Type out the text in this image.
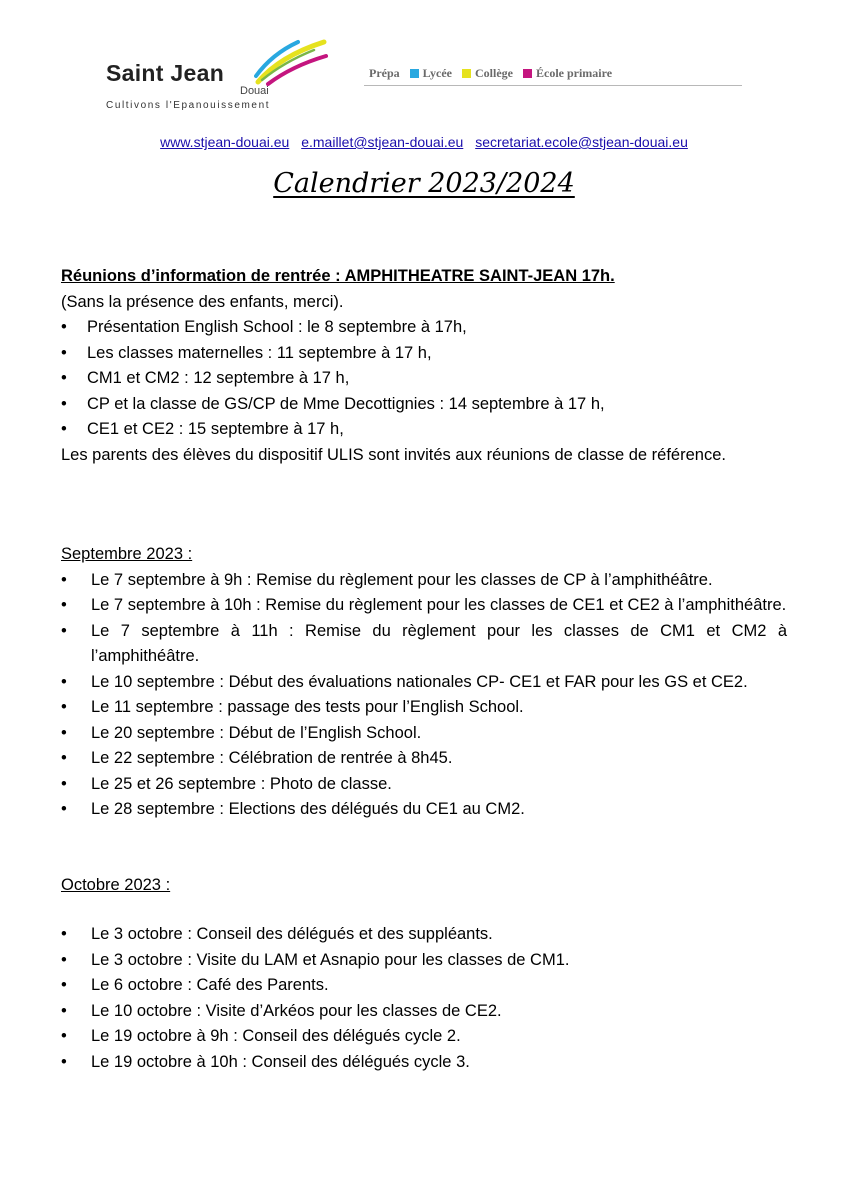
Saint Jean
Douai
Cultivons l'Epanouissement
Prépa Lycée Collège École primaire
www.stjean-douai.eu e.maillet@stjean-douai.eu secretariat.ecole@stjean-douai.eu
Calendrier 2023/2024

Réunions d’information de rentrée : AMPHITHEATRE SAINT-JEAN 17h.

(Sans la présence des enfants, merci).

• Présentation English School : le 8 septembre à 17h,
• Les classes maternelles : 11 septembre à 17 h,
• CM1 et CM2 : 12 septembre à 17 h,
• CP et la classe de GS/CP de Mme Decottignies : 14 septembre à 17 h,
• CE1 et CE2 : 15 septembre à 17 h,

Les parents des élèves du dispositif ULIS sont invités aux réunions de classe de référence.

Septembre 2023 :

• Le 7 septembre à 9h : Remise du règlement pour les classes de CP à l’amphithéâtre.
• Le 7 septembre à 10h : Remise du règlement pour les classes de CE1 et CE2 à l’amphithéâtre.
• Le 7 septembre à 11h : Remise du règlement pour les classes de CM1 et CM2 à l’amphithéâtre.
• Le 10 septembre : Début des évaluations nationales CP- CE1 et FAR pour les GS et CE2.
• Le 11 septembre : passage des tests pour l’English School.
• Le 20 septembre : Début de l’English School.
• Le 22 septembre : Célébration de rentrée à 8h45.
• Le 25 et 26 septembre : Photo de classe.
• Le 28 septembre : Elections des délégués du CE1 au CM2.

Octobre 2023 :

• Le 3 octobre : Conseil des délégués et des suppléants.
• Le 3 octobre : Visite du LAM et Asnapio pour les classes de CM1.
• Le 6 octobre : Café des Parents.
• Le 10 octobre : Visite d’Arkéos pour les classes de CE2.
• Le 19 octobre à 9h : Conseil des délégués cycle 2.
• Le 19 octobre à 10h : Conseil des délégués cycle 3.
